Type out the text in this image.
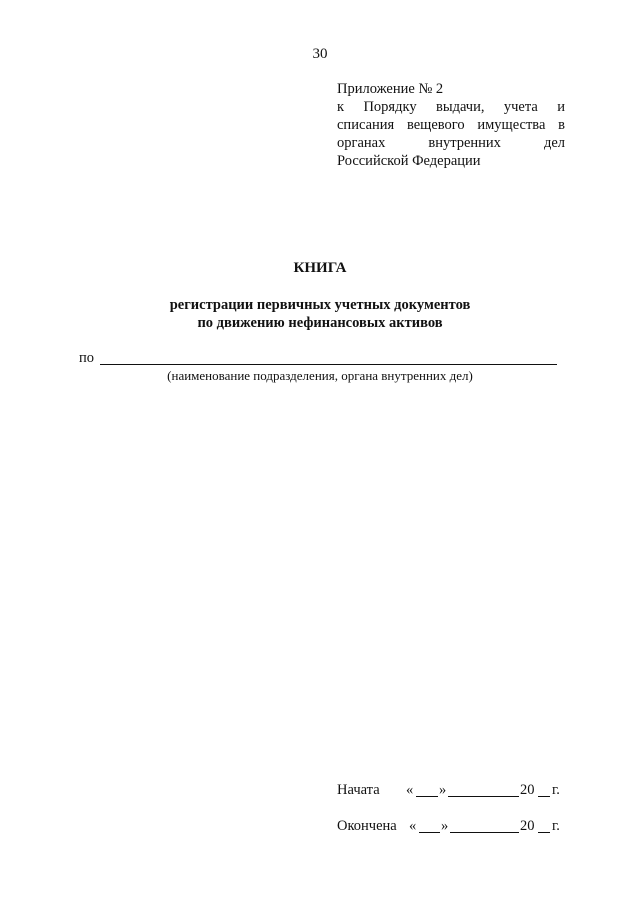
30
Приложение № 2
к Порядку выдачи, учета и
списания вещевого имущества в
органах внутренних дел
Российской Федерации
КНИГА
регистрации первичных учетных документов
по движению нефинансовых активов
по
(наименование подразделения, органа внутренних дел)
Начата « »	20 г.
Окончена « »	20 г.
